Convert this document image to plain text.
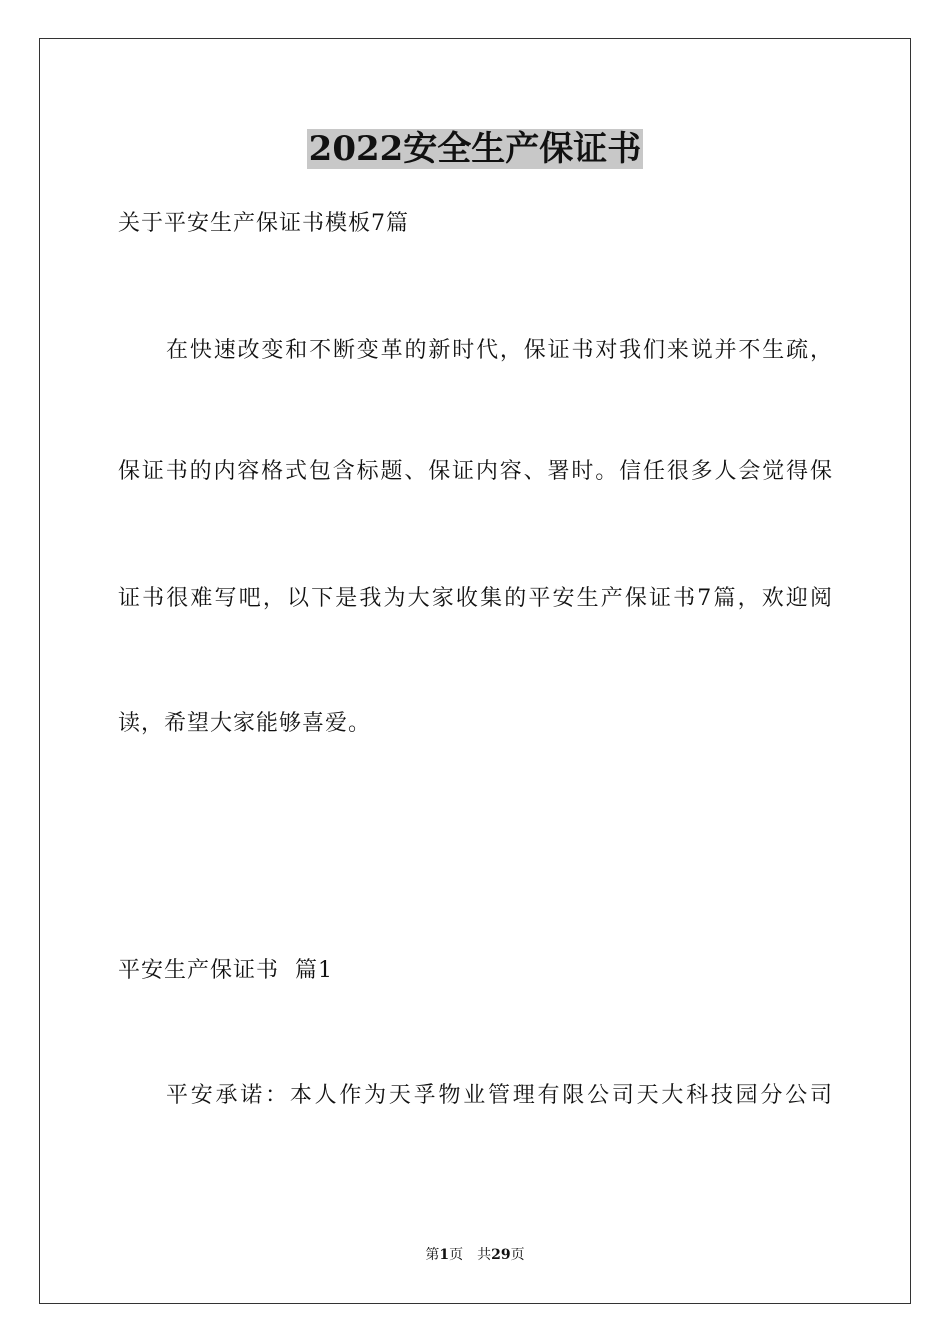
2022安全生产保证书
关于平安生产保证书模板7篇
在快速改变和不断变革的新时代，保证书对我们来说并不生疏，
保证书的内容格式包含标题、保证内容、署时。信任很多人会觉得保
证书很难写吧，以下是我为大家收集的平安生产保证书7篇，欢迎阅
读，希望大家能够喜爱。
平安生产保证书  篇1
平安承诺：本人作为天孚物业管理有限公司天大科技园分公司
第1页　共29页
